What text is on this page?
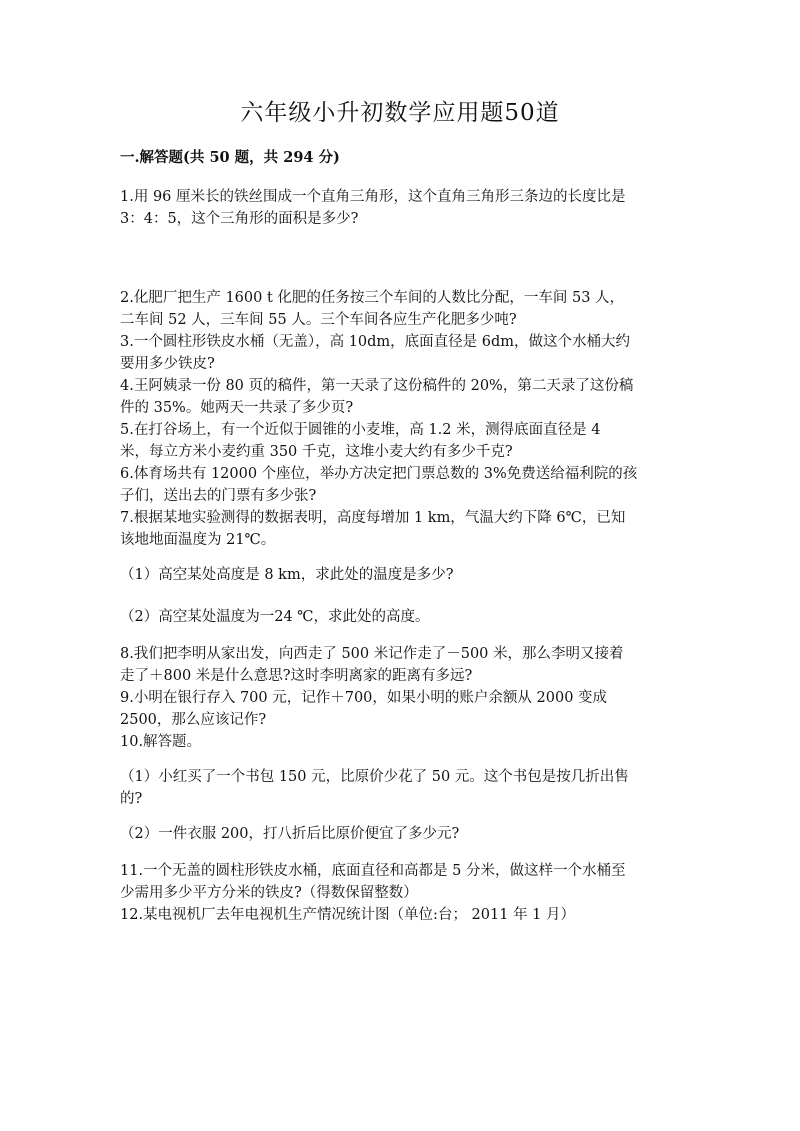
六年级小升初数学应用题50道
一.解答题(共 50 题，共 294 分)
1.用 96 厘米长的铁丝围成一个直角三角形，这个直角三角形三条边的长度比是
3：4：5，这个三角形的面积是多少?
2.化肥厂把生产 1600 t 化肥的任务按三个车间的人数比分配，一车间 53 人，
二车间 52 人，三车间 55 人。三个车间各应生产化肥多少吨?
3.一个圆柱形铁皮水桶（无盖），高 10dm，底面直径是 6dm，做这个水桶大约
要用多少铁皮?
4.王阿姨录一份 80 页的稿件，第一天录了这份稿件的 20%，第二天录了这份稿
件的 35%。她两天一共录了多少页?
5.在打谷场上，有一个近似于圆锥的小麦堆，高 1.2 米，测得底面直径是 4
米，每立方米小麦约重 350 千克，这堆小麦大约有多少千克?
6.体育场共有 12000 个座位，举办方决定把门票总数的 3%免费送给福利院的孩
子们，送出去的门票有多少张?
7.根据某地实验测得的数据表明，高度每增加 1 km，气温大约下降 6℃，已知
该地地面温度为 21℃。
（1）高空某处高度是 8 km，求此处的温度是多少?
（2）高空某处温度为一24 ℃，求此处的高度。
8.我们把李明从家出发，向西走了 500 米记作走了－500 米，那么李明又接着
走了＋800 米是什么意思?这时李明离家的距离有多远?
9.小明在银行存入 700 元，记作＋700，如果小明的账户余额从 2000 变成
2500，那么应该记作?
10.解答题。
（1）小红买了一个书包 150 元，比原价少花了 50 元。这个书包是按几折出售
的?
（2）一件衣服 200，打八折后比原价便宜了多少元?
11.一个无盖的圆柱形铁皮水桶，底面直径和高都是 5 分米，做这样一个水桶至
少需用多少平方分米的铁皮?（得数保留整数）
12.某电视机厂去年电视机生产情况统计图（单位:台； 2011 年 1 月）
